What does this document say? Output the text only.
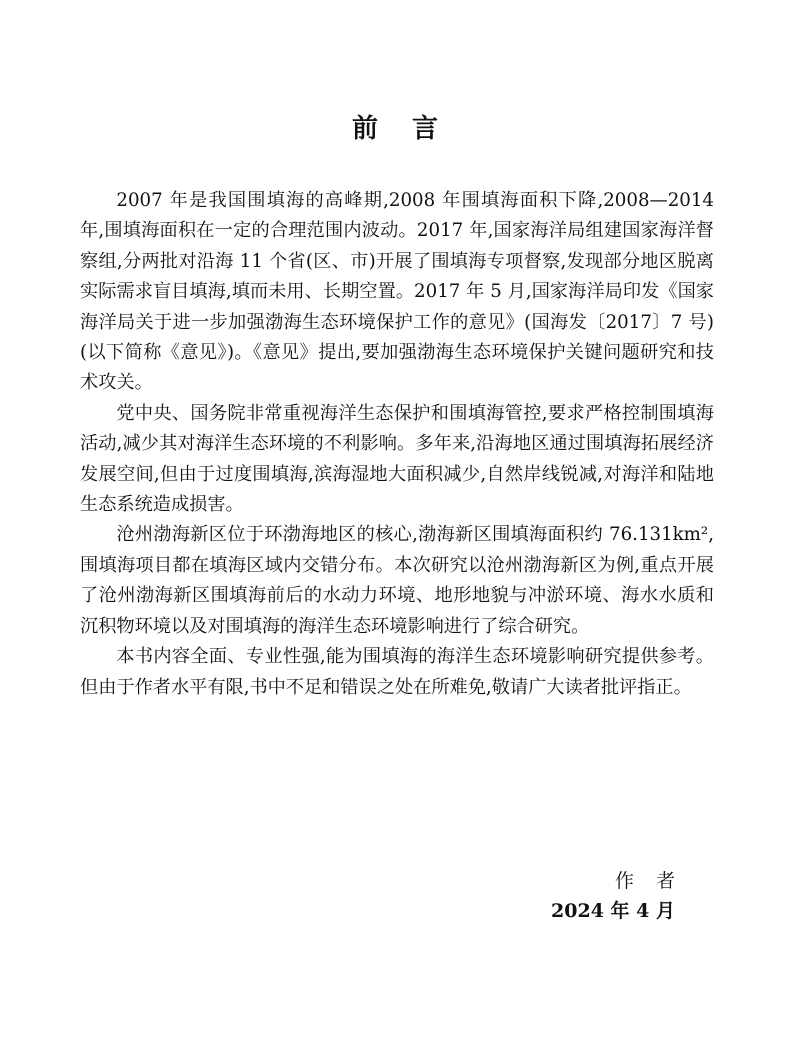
前言

2007 年是我国围填海的高峰期,2008 年围填海面积下降,2008—2014 年,围填海面积在一定的合理范围内波动。2017 年,国家海洋局组建国家海洋督察组,分两批对沿海 11 个省(区、市)开展了围填海专项督察,发现部分地区脱离实际需求盲目填海,填而未用、长期空置。2017 年 5 月,国家海洋局印发《国家海洋局关于进一步加强渤海生态环境保护工作的意见》(国海发〔2017〕7 号)(以下简称《意见》)。《意见》提出,要加强渤海生态环境保护关键问题研究和技术攻关。

党中央、国务院非常重视海洋生态保护和围填海管控,要求严格控制围填海活动,减少其对海洋生态环境的不利影响。多年来,沿海地区通过围填海拓展经济发展空间,但由于过度围填海,滨海湿地大面积减少,自然岸线锐减,对海洋和陆地生态系统造成损害。

沧州渤海新区位于环渤海地区的核心,渤海新区围填海面积约 76.131km²,围填海项目都在填海区域内交错分布。本次研究以沧州渤海新区为例,重点开展了沧州渤海新区围填海前后的水动力环境、地形地貌与冲淤环境、海水水质和沉积物环境以及对围填海的海洋生态环境影响进行了综合研究。

本书内容全面、专业性强,能为围填海的海洋生态环境影响研究提供参考。但由于作者水平有限,书中不足和错误之处在所难免,敬请广大读者批评指正。

作者
2024 年 4 月
